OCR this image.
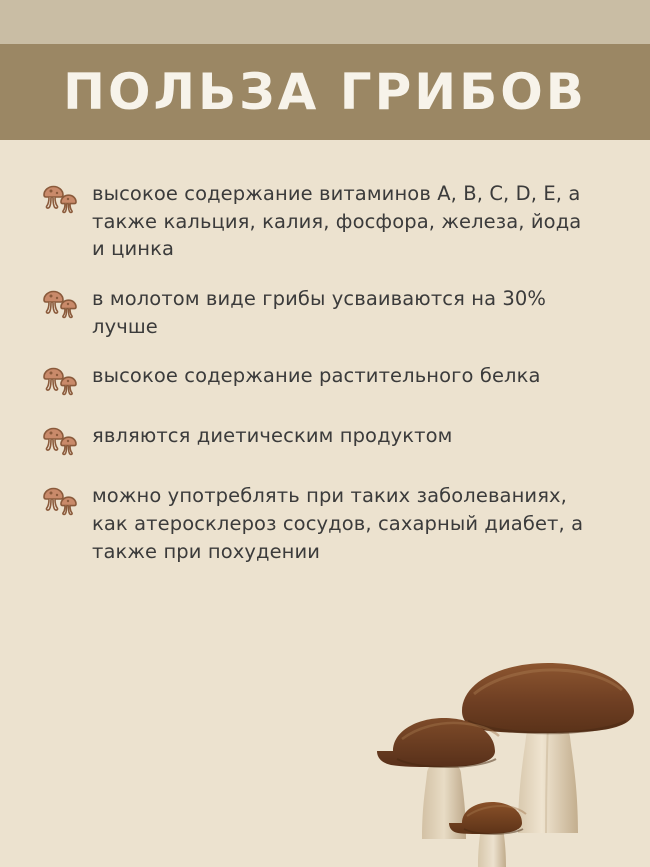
ПОЛЬЗА ГРИБОВ
высокое содержание витаминов А, В, С, D, Е, а также кальция, калия, фосфора, железа, йода и цинка
в молотом виде грибы усваиваются на 30% лучше
высокое содержание растительного белка
являются диетическим продуктом
можно употреблять при таких заболеваниях, как атеросклероз сосудов, сахарный диабет, а также при похудении
